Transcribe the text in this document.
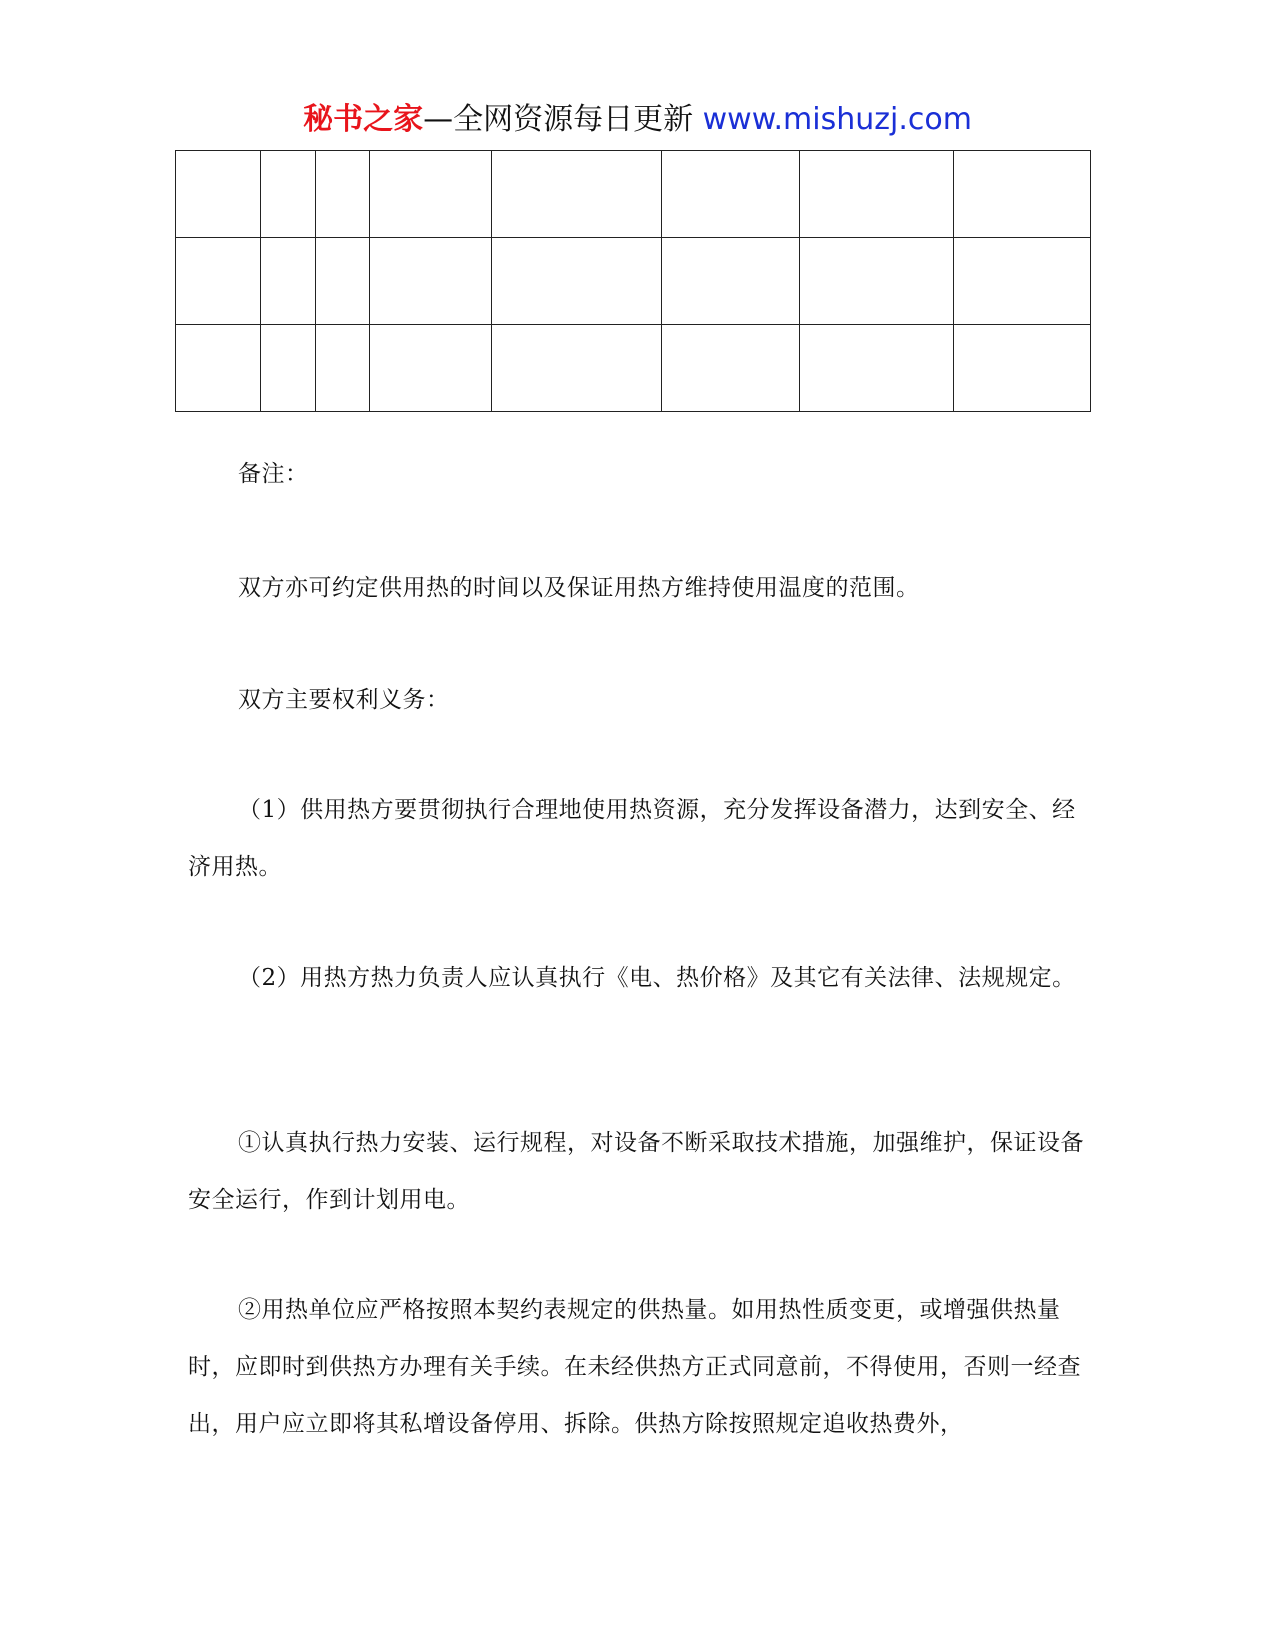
秘书之家—全网资源每日更新 www.mishuzj.com

备注：

双方亦可约定供用热的时间以及保证用热方维持使用温度的范围。

双方主要权利义务：

（1）供用热方要贯彻执行合理地使用热资源，充分发挥设备潜力，达到安全、经济用热。

（2）用热方热力负责人应认真执行《电、热价格》及其它有关法律、法规规定。

①认真执行热力安装、运行规程，对设备不断采取技术措施，加强维护，保证设备安全运行，作到计划用电。

②用热单位应严格按照本契约表规定的供热量。如用热性质变更，或增强供热量时，应即时到供热方办理有关手续。在未经供热方正式同意前，不得使用，否则一经查出，用户应立即将其私增设备停用、拆除。供热方除按照规定追收热费外，
